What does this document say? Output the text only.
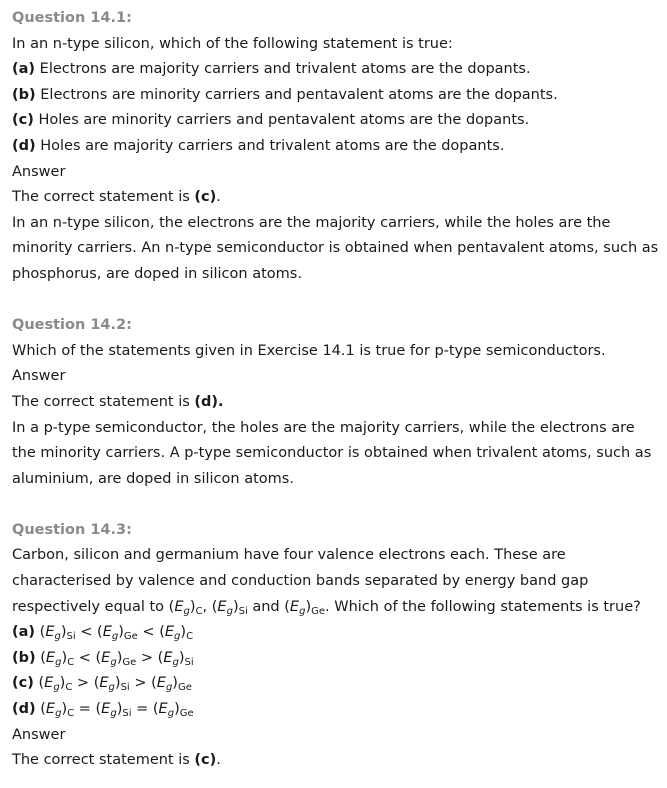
Question 14.1:
In an n-type silicon, which of the following statement is true:
(a) Electrons are majority carriers and trivalent atoms are the dopants.
(b) Electrons are minority carriers and pentavalent atoms are the dopants.
(c) Holes are minority carriers and pentavalent atoms are the dopants.
(d) Holes are majority carriers and trivalent atoms are the dopants.
Answer
The correct statement is (c).
In an n-type silicon, the electrons are the majority carriers, while the holes are the
minority carriers. An n-type semiconductor is obtained when pentavalent atoms, such as
phosphorus, are doped in silicon atoms.
Question 14.2:
Which of the statements given in Exercise 14.1 is true for p-type semiconductors.
Answer
The correct statement is (d).
In a p-type semiconductor, the holes are the majority carriers, while the electrons are
the minority carriers. A p-type semiconductor is obtained when trivalent atoms, such as
aluminium, are doped in silicon atoms.
Question 14.3:
Carbon, silicon and germanium have four valence electrons each. These are
characterised by valence and conduction bands separated by energy band gap
respectively equal to $(E_g)_C$, $(E_g)_{Si}$ and $(E_g)_{Ge}$. Which of the following statements is true?
(a) $(E_g)_{Si} < (E_g)_{Ge} < (E_g)_C$
(b) $(E_g)_C < (E_g)_{Ge} > (E_g)_{Si}$
(c) $(E_g)_C > (E_g)_{Si} > (E_g)_{Ge}$
(d) $(E_g)_C = (E_g)_{Si} = (E_g)_{Ge}$
Answer
The correct statement is (c).
